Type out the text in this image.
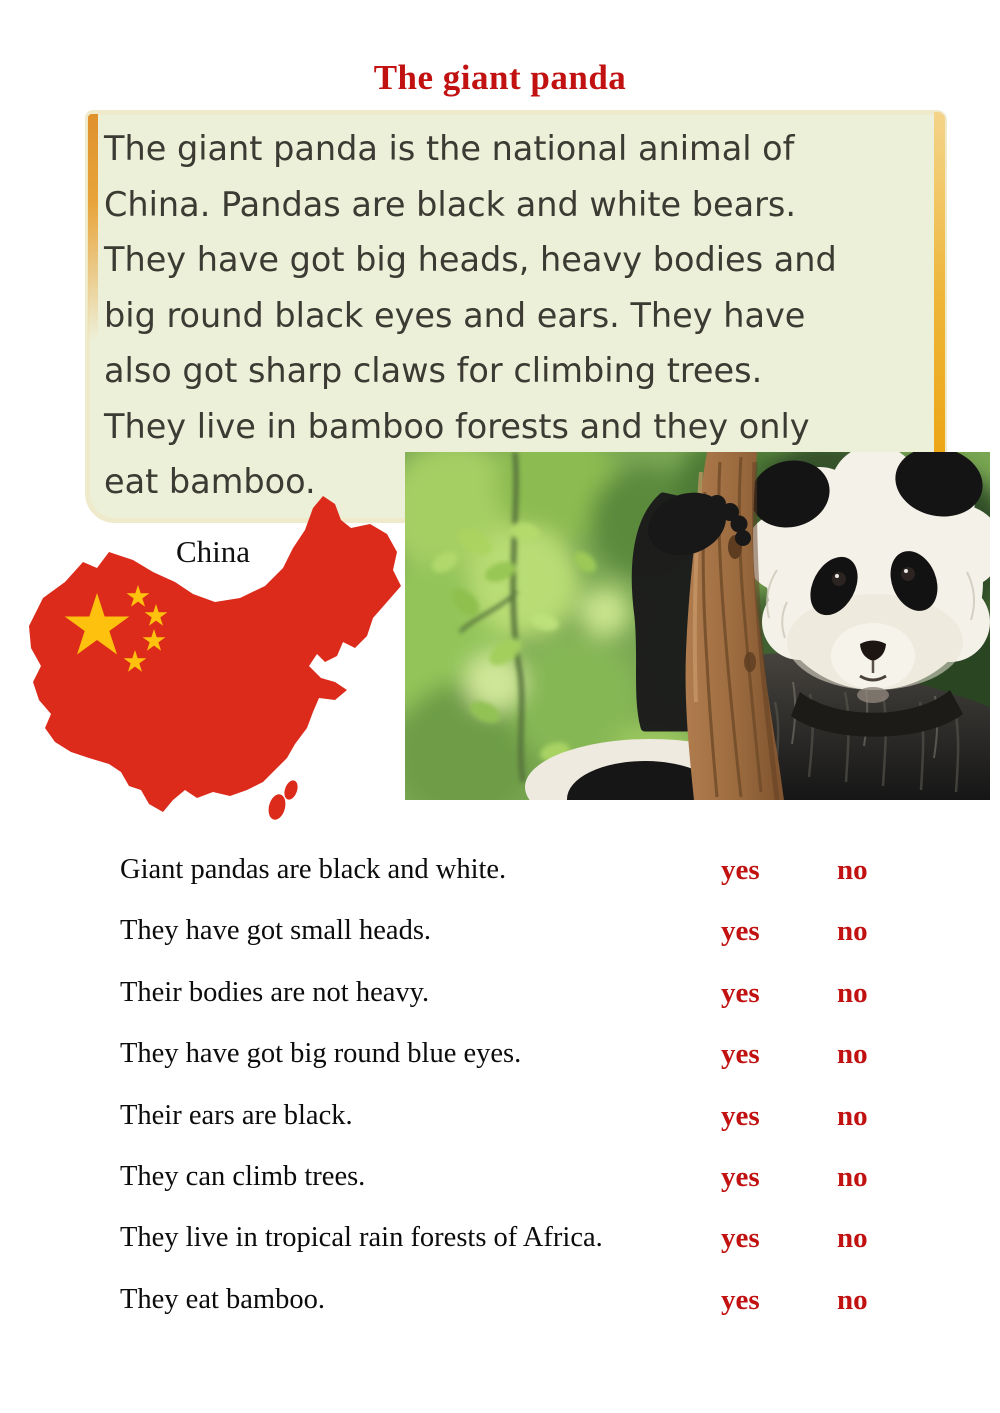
The giant panda
The giant panda is the national animal of
China. Pandas are black and white bears.
They have got big heads, heavy bodies and
big round black eyes and ears. They have
also got sharp claws for climbing trees.
They live in bamboo forests and they only
eat bamboo.
China
Giant pandas are black and white.	yes	no
They have got small heads.	yes	no
Their bodies are not heavy.	yes	no
They have got big round blue eyes.	yes	no
Their ears are black.	yes	no
They can climb trees.	yes	no
They live in tropical rain forests of Africa.	yes	no
They eat bamboo.	yes	no
